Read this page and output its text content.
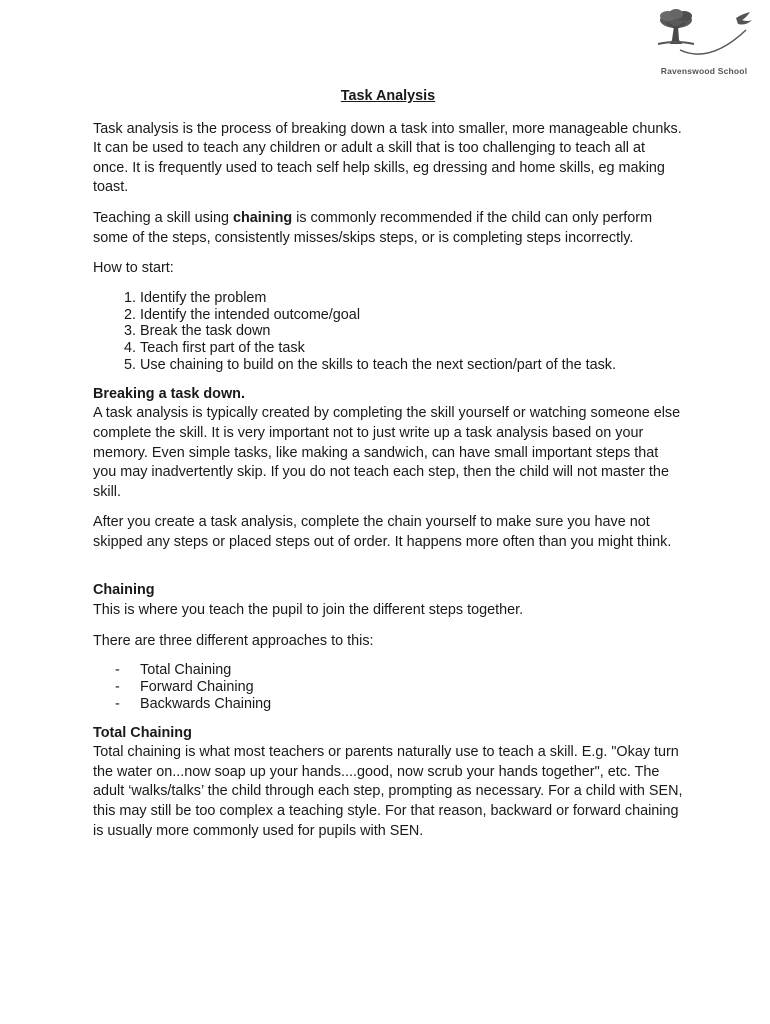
Ravenswood School
Task Analysis

Task analysis is the process of breaking down a task into smaller, more manageable chunks. It can be used to teach any children or adult a skill that is too challenging to teach all at once. It is frequently used to teach self help skills, eg dressing and home skills, eg making toast.

Teaching a skill using chaining is commonly recommended if the child can only perform some of the steps, consistently misses/skips steps, or is completing steps incorrectly.

How to start:

1. Identify the problem
2. Identify the intended outcome/goal
3. Break the task down
4. Teach first part of the task
5. Use chaining to build on the skills to teach the next section/part of the task.

Breaking a task down.
A task analysis is typically created by completing the skill yourself or watching someone else complete the skill. It is very important not to just write up a task analysis based on your memory. Even simple tasks, like making a sandwich, can have small important steps that you may inadvertently skip. If you do not teach each step, then the child will not master the skill.

After you create a task analysis, complete the chain yourself to make sure you have not skipped any steps or placed steps out of order. It happens more often than you might think.

Chaining
This is where you teach the pupil to join the different steps together.

There are three different approaches to this:

- Total Chaining
- Forward Chaining
- Backwards Chaining

Total Chaining
Total chaining is what most teachers or parents naturally use to teach a skill. E.g. "Okay turn the water on...now soap up your hands....good, now scrub your hands together", etc. The adult ‘walks/talks’ the child through each step, prompting as necessary. For a child with SEN, this may still be too complex a teaching style. For that reason, backward or forward chaining is usually more commonly used for pupils with SEN.
